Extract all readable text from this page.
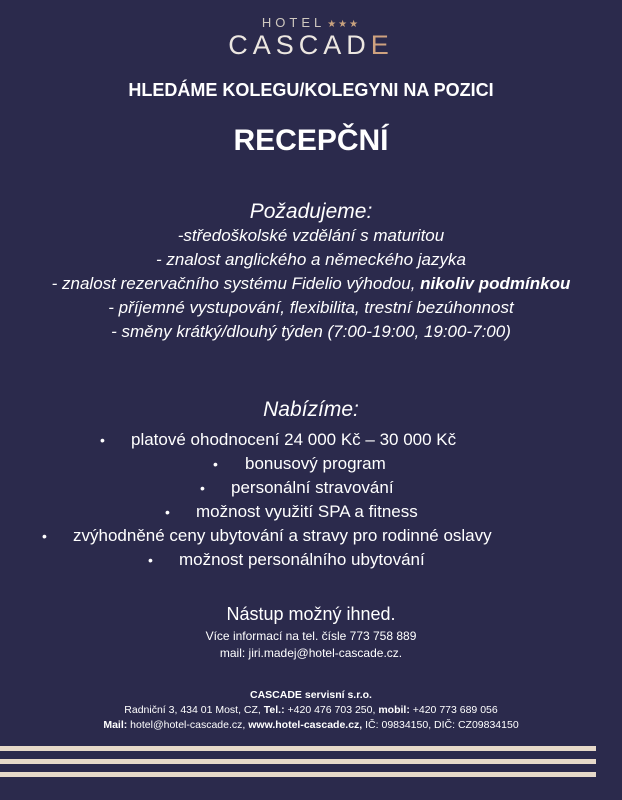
HOTEL ★★★
CASCADE
HLEDÁME KOLEGU/KOLEGYNI NA POZICI
RECEPČNÍ
Požadujeme:
-středoškolské vzdělání s maturitou
- znalost anglického a německého jazyka
- znalost rezervačního systému Fidelio výhodou, nikoliv podmínkou
- příjemné vystupování, flexibilita, trestní bezúhonnost
- směny krátký/dlouhý týden (7:00-19:00, 19:00-7:00)
Nabízíme:
• platové ohodnocení 24 000 Kč – 30 000 Kč
• bonusový program
• personální stravování
• možnost využití SPA a fitness
• zvýhodněné ceny ubytování a stravy pro rodinné oslavy
• možnost personálního ubytování
Nástup možný ihned.
Více informací na tel. čísle 773 758 889
mail: jiri.madej@hotel-cascade.cz.
CASCADE servisní s.r.o.
Radniční 3, 434 01 Most, CZ, Tel.: +420 476 703 250, mobil: +420 773 689 056
Mail: hotel@hotel-cascade.cz, www.hotel-cascade.cz, IČ: 09834150, DIČ: CZ09834150
